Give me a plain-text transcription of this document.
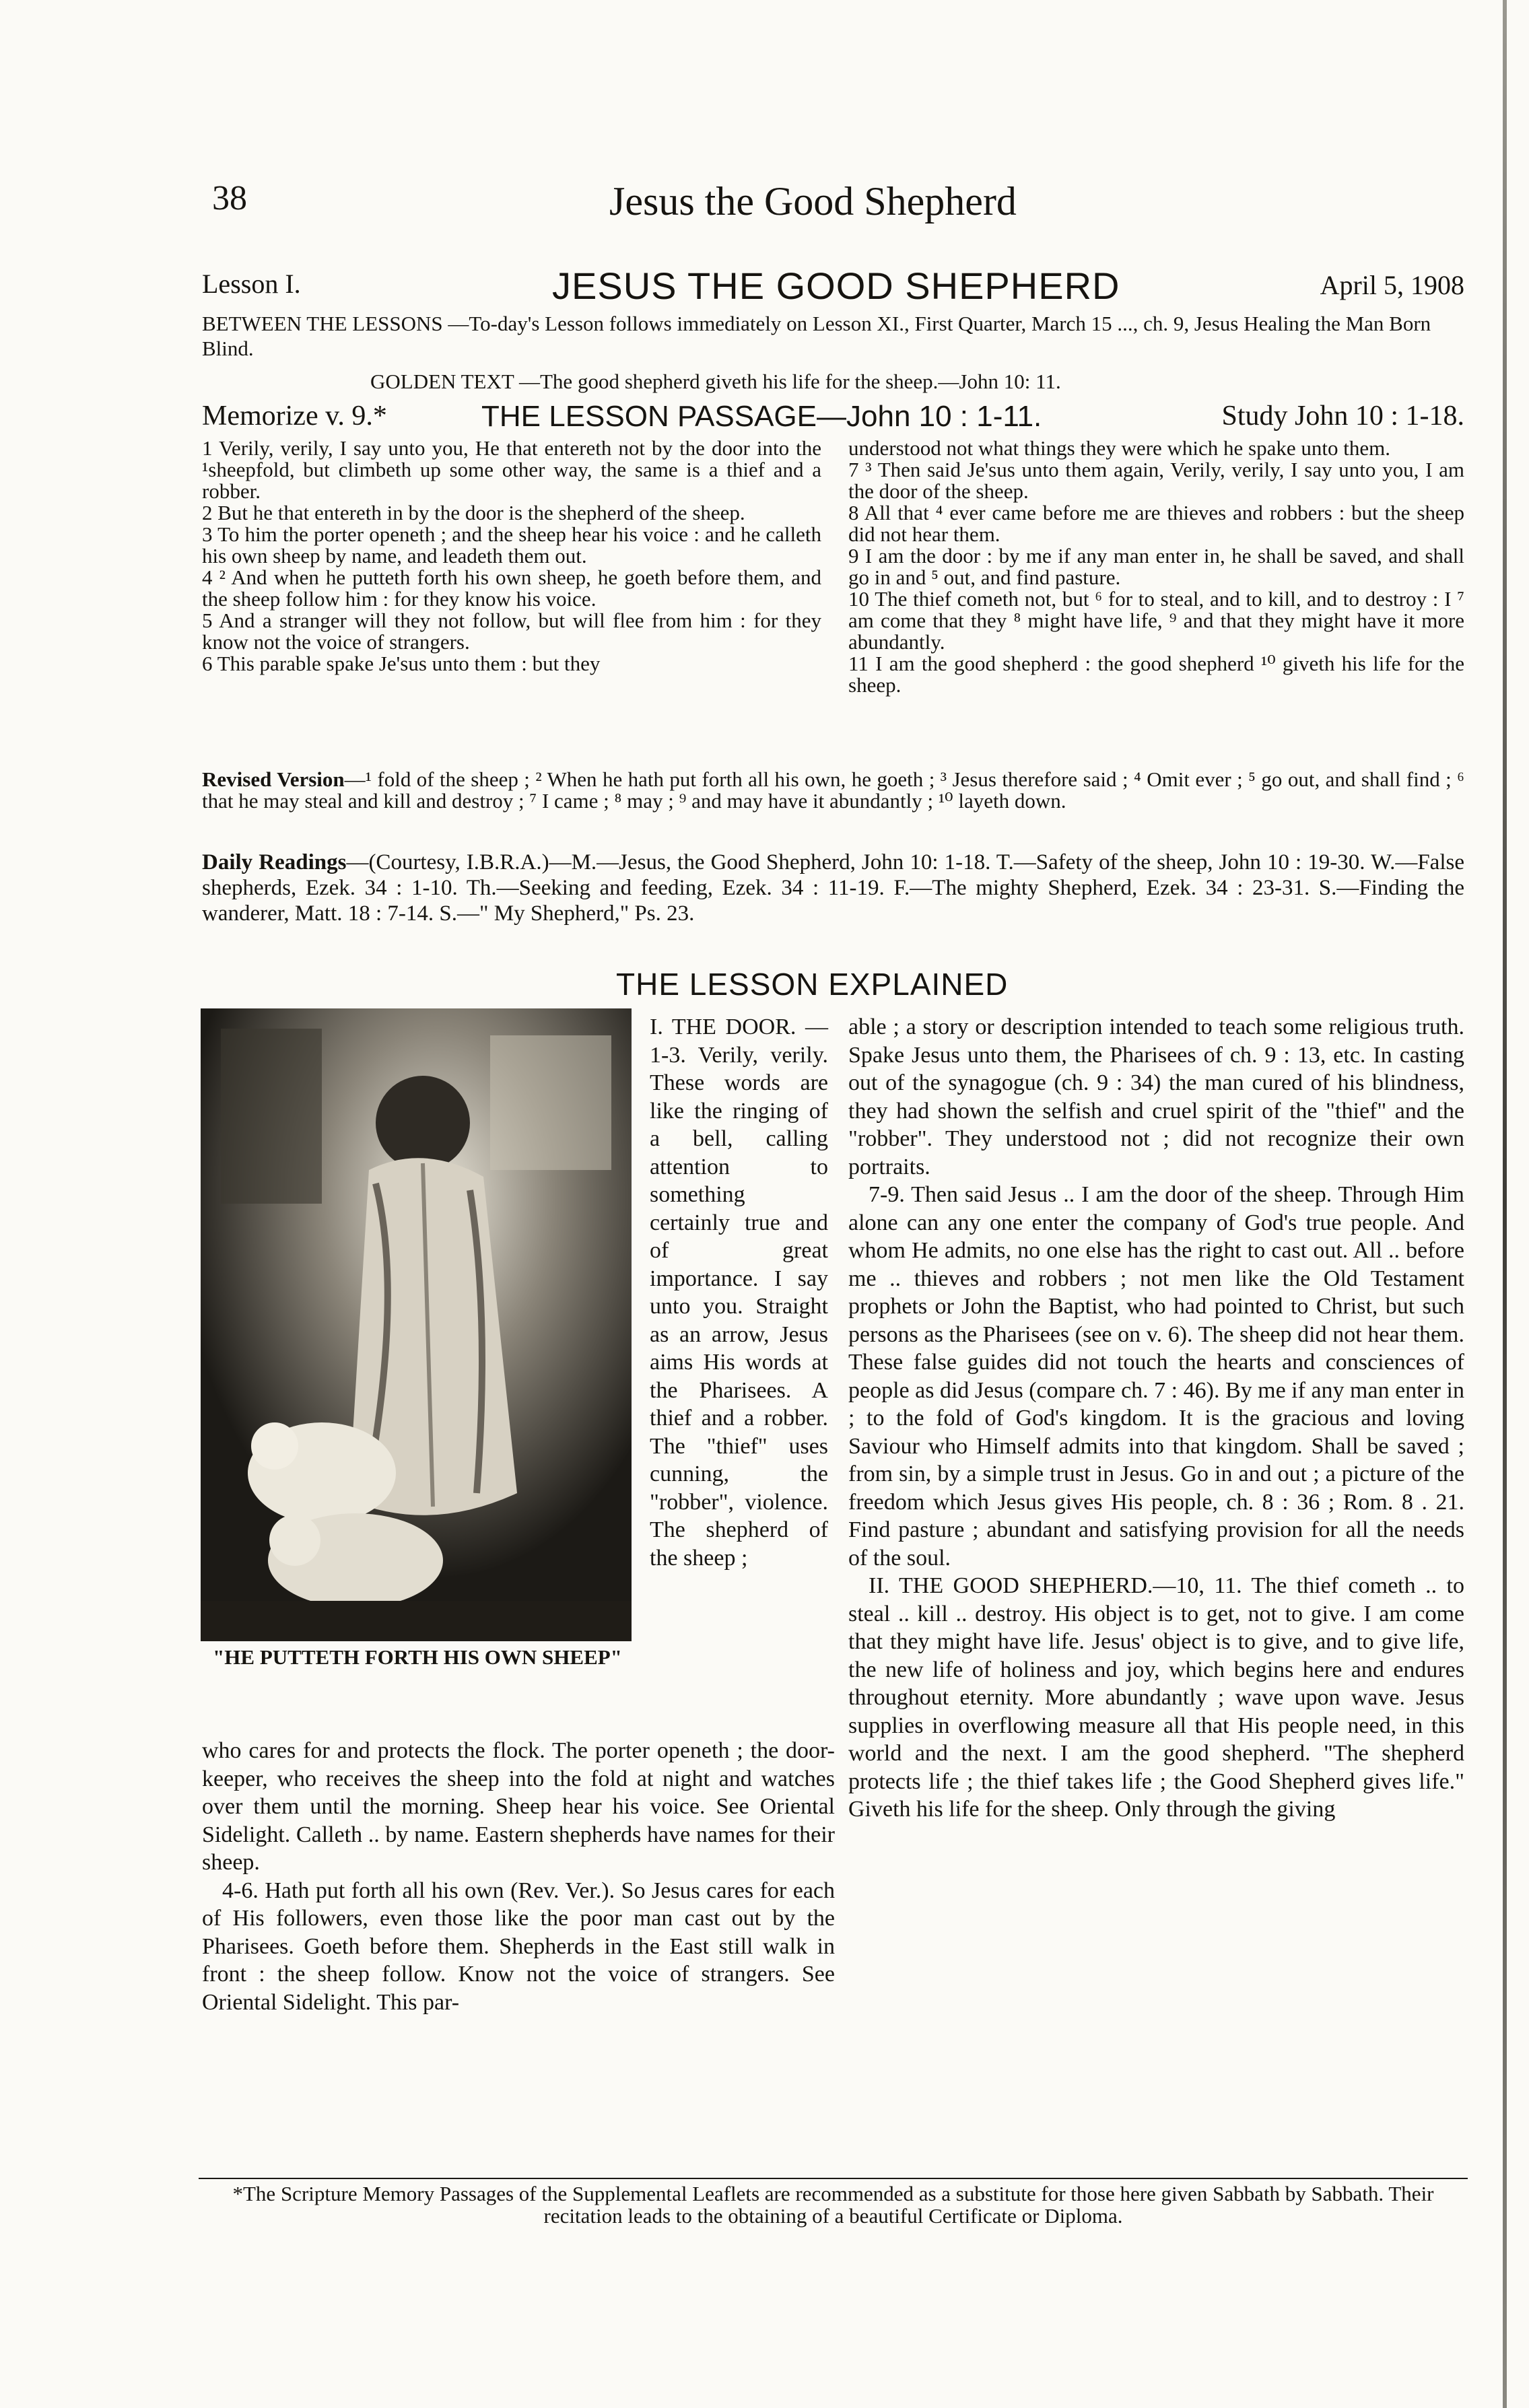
38	Jesus the Good Shepherd
Lesson I.	JESUS THE GOOD SHEPHERD	April 5, 1908

BETWEEN THE LESSONS —To-day's Lesson follows immediately on Lesson XI., First Quarter, March 15 ..., ch. 9, Jesus Healing the Man Born Blind.

GOLDEN TEXT —The good shepherd giveth his life for the sheep.—John 10: 11.
Memorize v. 9.*	THE LESSON PASSAGE—John 10 : 1-11.	Study John 10 : 1-18.

1 Verily, verily, I say unto you, He that entereth not by the door into the ¹sheepfold, but climbeth up some other way, the same is a thief and a robber.

2 But he that entereth in by the door is the shepherd of the sheep.

3 To him the porter openeth ; and the sheep hear his voice : and he calleth his own sheep by name, and leadeth them out.

4 ² And when he putteth forth his own sheep, he goeth before them, and the sheep follow him : for they know his voice.

5 And a stranger will they not follow, but will flee from him : for they know not the voice of strangers.

6 This parable spake Je'sus unto them : but they

understood not what things they were which he spake unto them.

7 ³ Then said Je'sus unto them again, Verily, verily, I say unto you, I am the door of the sheep.

8 All that ⁴ ever came before me are thieves and robbers : but the sheep did not hear them.

9 I am the door : by me if any man enter in, he shall be saved, and shall go in and ⁵ out, and find pasture.

10 The thief cometh not, but ⁶ for to steal, and to kill, and to destroy : I ⁷ am come that they ⁸ might have life, ⁹ and that they might have it more abundantly.

11 I am the good shepherd : the good shepherd ¹⁰ giveth his life for the sheep.

Revised Version—¹ fold of the sheep ; ² When he hath put forth all his own, he goeth ; ³ Jesus therefore said ; ⁴ Omit ever ; ⁵ go out, and shall find ; ⁶ that he may steal and kill and destroy ; ⁷ I came ; ⁸ may ; ⁹ and may have it abundantly ; ¹⁰ layeth down.
Daily Readings—(Courtesy, I.B.R.A.)—M.—Jesus, the Good Shepherd, John 10: 1-18. T.—Safety of the sheep, John 10 : 19-30. W.—False shepherds, Ezek. 34 : 1-10. Th.—Seeking and feeding, Ezek. 34 : 11-19. F.—The mighty Shepherd, Ezek. 34 : 23-31. S.—Finding the wanderer, Matt. 18 : 7-14. S.—" My Shepherd," Ps. 23.
THE LESSON EXPLAINED
"HE PUTTETH FORTH HIS OWN SHEEP"

I. THE DOOR. — 1-3. Verily, verily. These words are like the ringing of a bell, calling attention to something certainly true and of great importance. I say unto you. Straight as an arrow, Jesus aims His words at the Pharisees. A thief and a robber. The "thief" uses cunning, the "robber", violence. The shepherd of the sheep ;

who cares for and protects the flock. The porter openeth ; the door-keeper, who receives the sheep into the fold at night and watches over them until the morning. Sheep hear his voice. See Oriental Sidelight. Calleth .. by name. Eastern shepherds have names for their sheep.

4-6. Hath put forth all his own (Rev. Ver.). So Jesus cares for each of His followers, even those like the poor man cast out by the Pharisees. Goeth before them. Shepherds in the East still walk in front : the sheep follow. Know not the voice of strangers. See Oriental Sidelight. This par-

able ; a story or description intended to teach some religious truth. Spake Jesus unto them, the Pharisees of ch. 9 : 13, etc. In casting out of the synagogue (ch. 9 : 34) the man cured of his blindness, they had shown the selfish and cruel spirit of the "thief" and the "robber". They understood not ; did not recognize their own portraits.

7-9. Then said Jesus .. I am the door of the sheep. Through Him alone can any one enter the company of God's true people. And whom He admits, no one else has the right to cast out. All .. before me .. thieves and robbers ; not men like the Old Testament prophets or John the Baptist, who had pointed to Christ, but such persons as the Pharisees (see on v. 6). The sheep did not hear them. These false guides did not touch the hearts and consciences of people as did Jesus (compare ch. 7 : 46). By me if any man enter in ; to the fold of God's kingdom. It is the gracious and loving Saviour who Himself admits into that kingdom. Shall be saved ; from sin, by a simple trust in Jesus. Go in and out ; a picture of the freedom which Jesus gives His people, ch. 8 : 36 ; Rom. 8 . 21. Find pasture ; abundant and satisfying provision for all the needs of the soul.

II. THE GOOD SHEPHERD.—10, 11. The thief cometh .. to steal .. kill .. destroy. His object is to get, not to give. I am come that they might have life. Jesus' object is to give, and to give life, the new life of holiness and joy, which begins here and endures throughout eternity. More abundantly ; wave upon wave. Jesus supplies in overflowing measure all that His people need, in this world and the next. I am the good shepherd. "The shepherd protects life ; the thief takes life ; the Good Shepherd gives life." Giveth his life for the sheep. Only through the giving

*The Scripture Memory Passages of the Supplemental Leaflets are recommended as a substitute for those here given Sabbath by Sabbath. Their recitation leads to the obtaining of a beautiful Certificate or Diploma.
